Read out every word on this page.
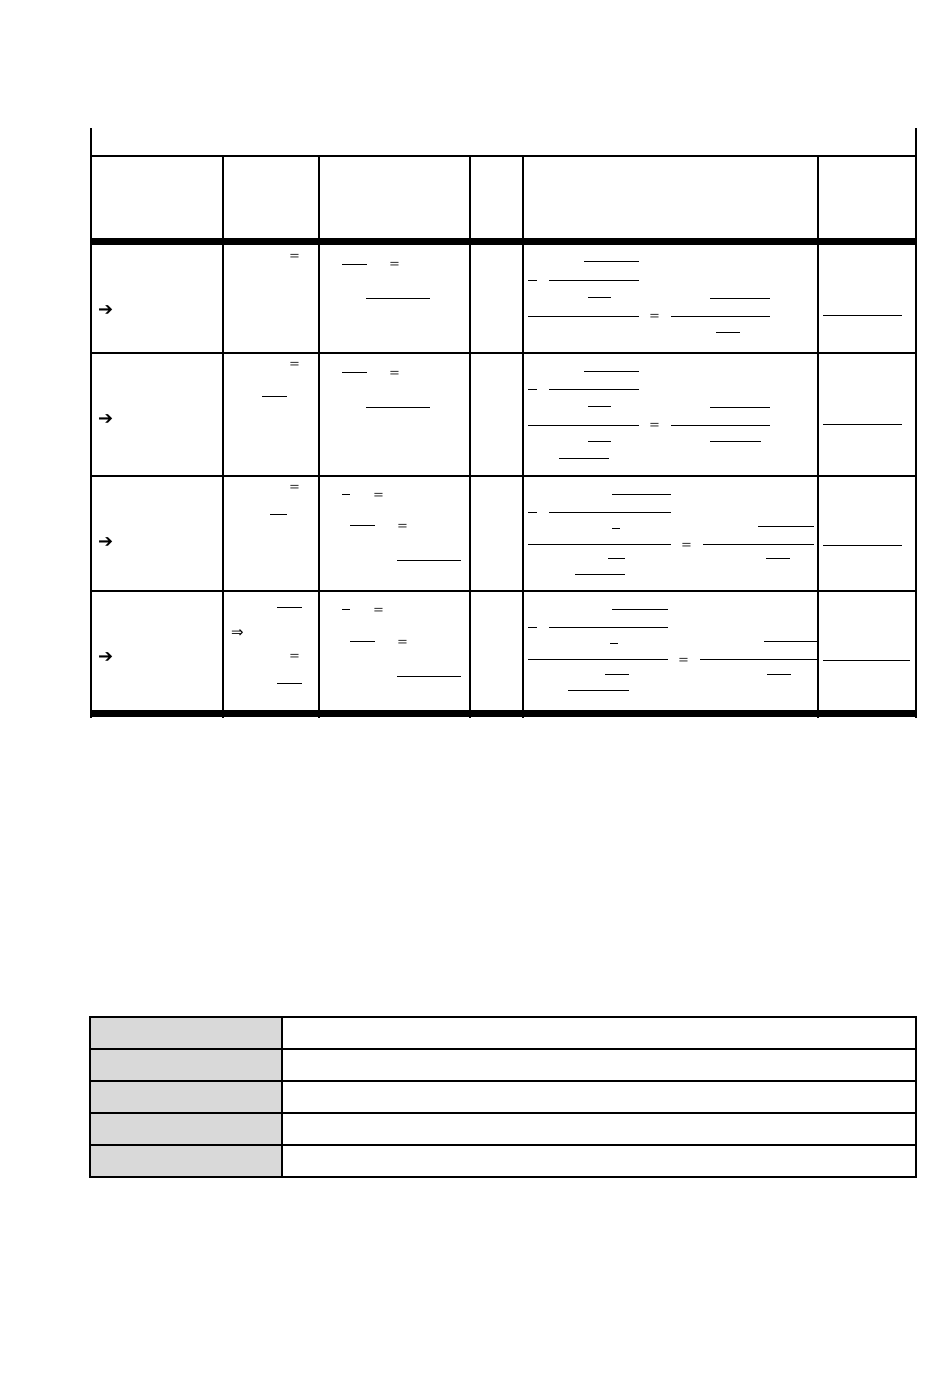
➔
=
=
=
➔
=
=
=
➔
=
=
=
=
➔
⇒
=
=
=
=
